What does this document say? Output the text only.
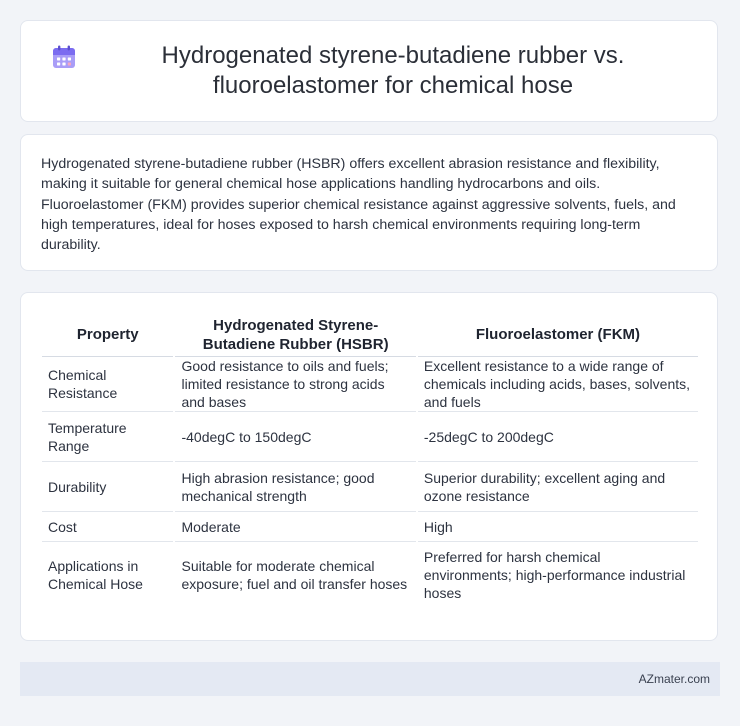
Hydrogenated styrene-butadiene rubber vs. fluoroelastomer for chemical hose

Hydrogenated styrene-butadiene rubber (HSBR) offers excellent abrasion resistance and flexibility, making it suitable for general chemical hose applications handling hydrocarbons and oils. Fluoroelastomer (FKM) provides superior chemical resistance against aggressive solvents, fuels, and high temperatures, ideal for hoses exposed to harsh chemical environments requiring long-term durability.

Property	Hydrogenated Styrene-Butadiene Rubber (HSBR)	Fluoroelastomer (FKM)
Chemical Resistance	Good resistance to oils and fuels; limited resistance to strong acids and bases	Excellent resistance to a wide range of chemicals including acids, bases, solvents, and fuels
Temperature Range	-40degC to 150degC	-25degC to 200degC
Durability	High abrasion resistance; good mechanical strength	Superior durability; excellent aging and ozone resistance
Cost	Moderate	High
Applications in Chemical Hose	Suitable for moderate chemical exposure; fuel and oil transfer hoses	Preferred for harsh chemical environments; high-performance industrial hoses
AZmater.com
